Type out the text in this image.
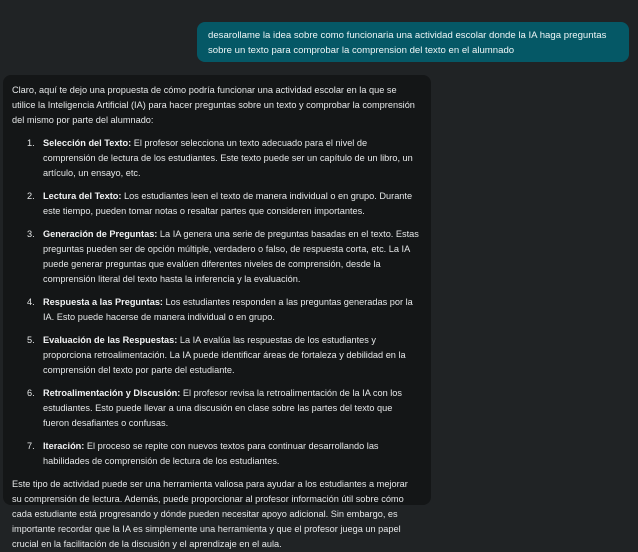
desarollame la idea sobre como funcionaria una actividad escolar donde la IA haga preguntas sobre un texto para comprobar la comprension del texto en el alumnado

Claro, aquí te dejo una propuesta de cómo podría funcionar una actividad escolar en la que se utilice la Inteligencia Artificial (IA) para hacer preguntas sobre un texto y comprobar la comprensión del mismo por parte del alumnado:

1. Selección del Texto: El profesor selecciona un texto adecuado para el nivel de comprensión de lectura de los estudiantes. Este texto puede ser un capítulo de un libro, un artículo, un ensayo, etc.
2. Lectura del Texto: Los estudiantes leen el texto de manera individual o en grupo. Durante este tiempo, pueden tomar notas o resaltar partes que consideren importantes.
3. Generación de Preguntas: La IA genera una serie de preguntas basadas en el texto. Estas preguntas pueden ser de opción múltiple, verdadero o falso, de respuesta corta, etc. La IA puede generar preguntas que evalúen diferentes niveles de comprensión, desde la comprensión literal del texto hasta la inferencia y la evaluación.
4. Respuesta a las Preguntas: Los estudiantes responden a las preguntas generadas por la IA. Esto puede hacerse de manera individual o en grupo.
5. Evaluación de las Respuestas: La IA evalúa las respuestas de los estudiantes y proporciona retroalimentación. La IA puede identificar áreas de fortaleza y debilidad en la comprensión del texto por parte del estudiante.
6. Retroalimentación y Discusión: El profesor revisa la retroalimentación de la IA con los estudiantes. Esto puede llevar a una discusión en clase sobre las partes del texto que fueron desafiantes o confusas.
7. Iteración: El proceso se repite con nuevos textos para continuar desarrollando las habilidades de comprensión de lectura de los estudiantes.

Este tipo de actividad puede ser una herramienta valiosa para ayudar a los estudiantes a mejorar su comprensión de lectura. Además, puede proporcionar al profesor información útil sobre cómo cada estudiante está progresando y dónde pueden necesitar apoyo adicional. Sin embargo, es importante recordar que la IA es simplemente una herramienta y que el profesor juega un papel crucial en la facilitación de la discusión y el aprendizaje en el aula.
